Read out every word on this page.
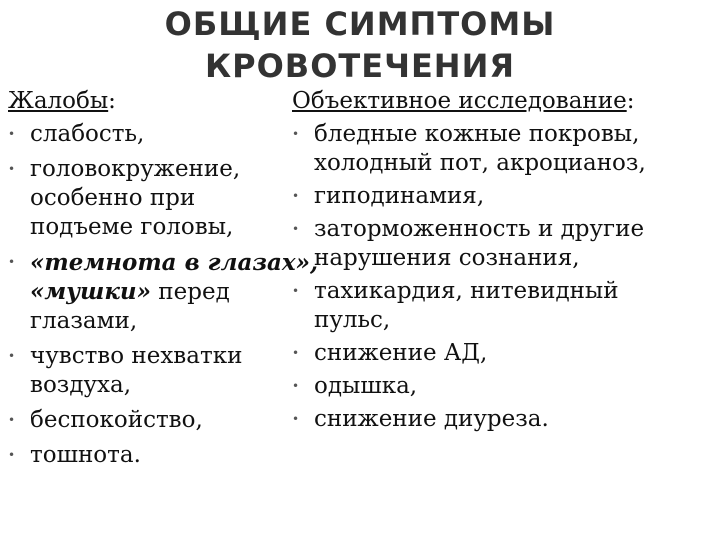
ОБЩИЕ СИМПТОМЫ
КРОВОТЕЧЕНИЯ
Жалобы:
• слабость,
• головокружение,
особенно при
подъеме головы,
• «темнота в глазах»,
«мушки» перед
глазами,
• чувство нехватки
воздуха,
• беспокойство,
• тошнота.
Объективное исследование:
• бледные кожные покровы,
холодный пот, акроцианоз,
• гиподинамия,
• заторможенность и другие
нарушения сознания,
• тахикардия, нитевидный
пульс,
• снижение АД,
• одышка,
• снижение диуреза.
